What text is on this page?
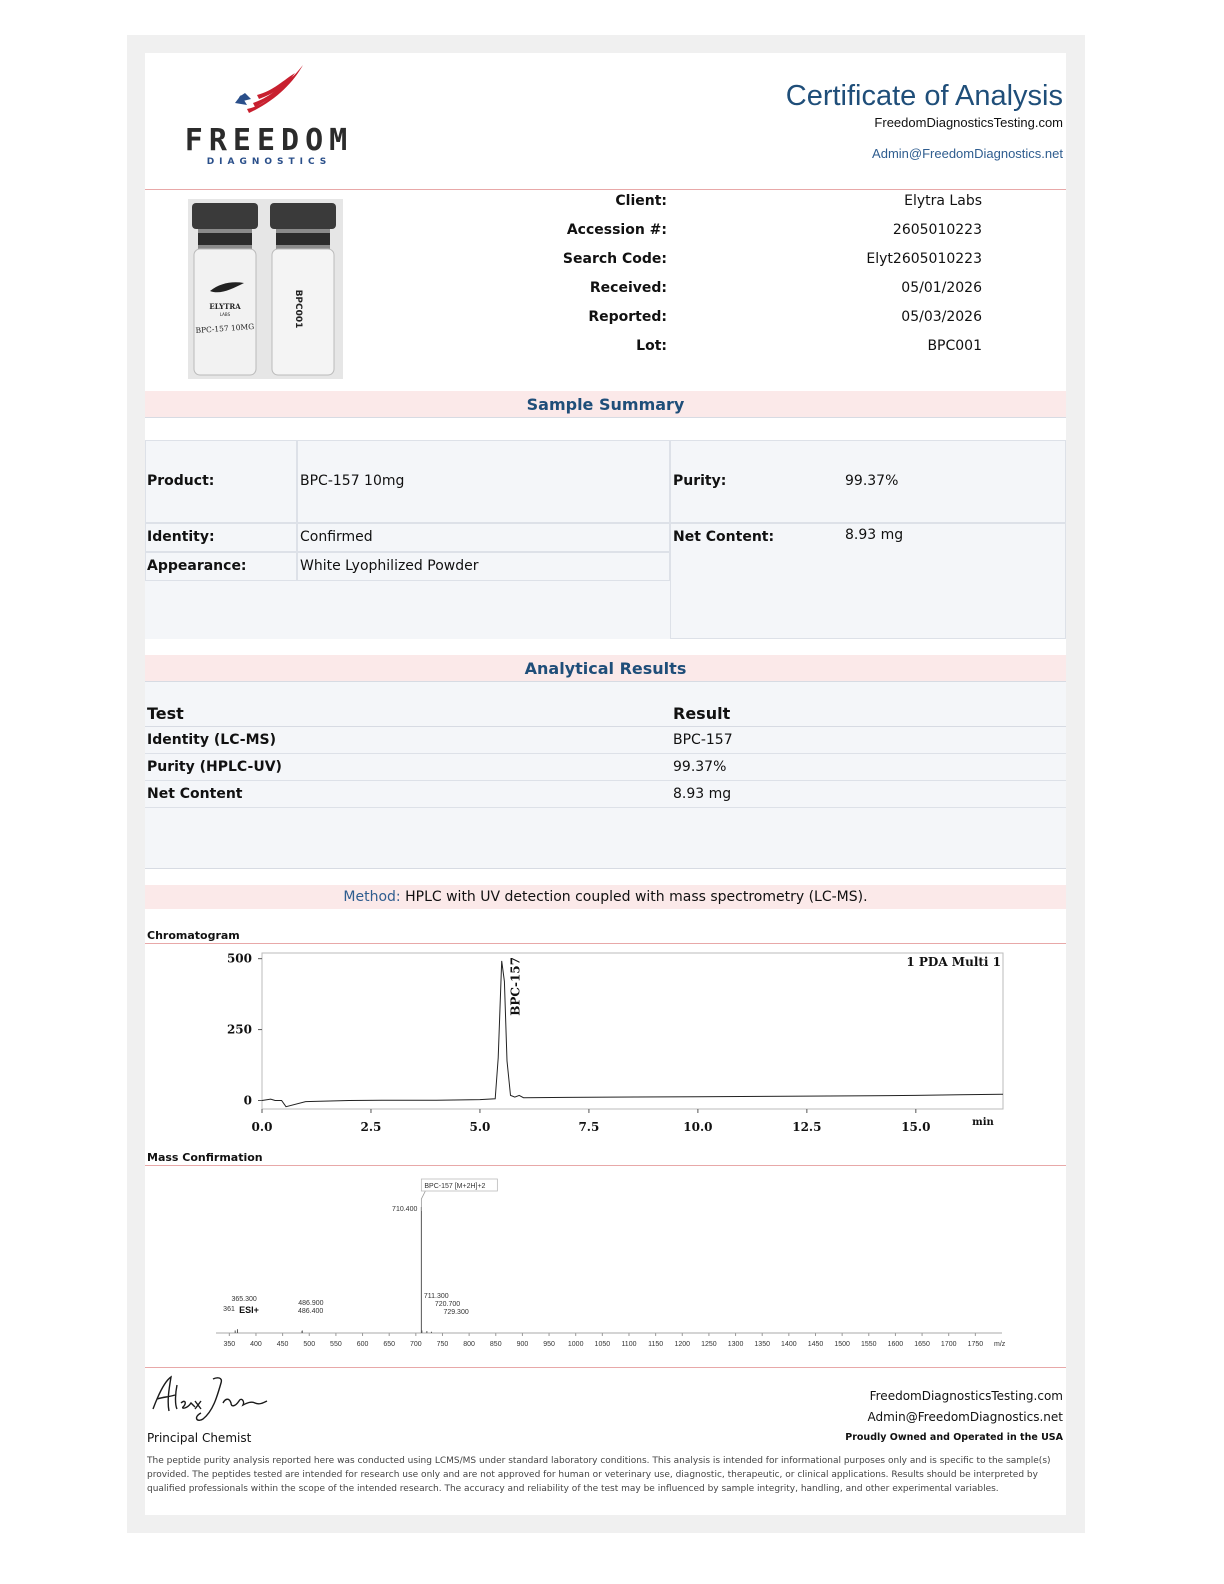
FREEDOM
DIAGNOSTICS
Certificate of Analysis
FreedomDiagnosticsTesting.com
Admin@FreedomDiagnostics.net
ELYTRA
LABS
BPC-157 10MG
BPC001
Client:	Elytra Labs
Accession #:	2605010223
Search Code:	Elyt2605010223
Received:	05/01/2026
Reported:	05/03/2026
Lot:	BPC001
Sample Summary
Product:	BPC-157 10mg	Purity:	99.37%
Identity:	Confirmed	Net Content:	8.93 mg
Appearance:	White Lyophilized Powder
Analytical Results
Test	Result
Identity (LC-MS)	BPC-157
Purity (HPLC-UV)	99.37%
Net Content	8.93 mg
Method: HPLC with UV detection coupled with mass spectrometry (LC-MS).
Chromatogram
500
250
0
0.0	2.5	5.0	7.5	10.0	12.5	15.0	min
1 PDA Multi 1
BPC-157
Mass Confirmation
350 400 450 500 550 600 650 700 750 800 850 900 950 1000 1050 1100 1150 1200 1250 1300 1350 1400 1450 1500 1550 1600 1650 1700 1750 m/z
710.400
711.300
720.700
729.300
365.300
361
486.900
486.400
ESI+
BPC-157 [M+2H]+2
Principal Chemist
FreedomDiagnosticsTesting.com
Admin@FreedomDiagnostics.net
Proudly Owned and Operated in the USA
The peptide purity analysis reported here was conducted using LCMS/MS under standard laboratory conditions. This analysis is intended for informational purposes only and is specific to the sample(s) provided. The peptides tested are intended for research use only and are not approved for human or veterinary use, diagnostic, therapeutic, or clinical applications. Results should be interpreted by qualified professionals within the scope of the intended research. The accuracy and reliability of the test may be influenced by sample integrity, handling, and other experimental variables.
